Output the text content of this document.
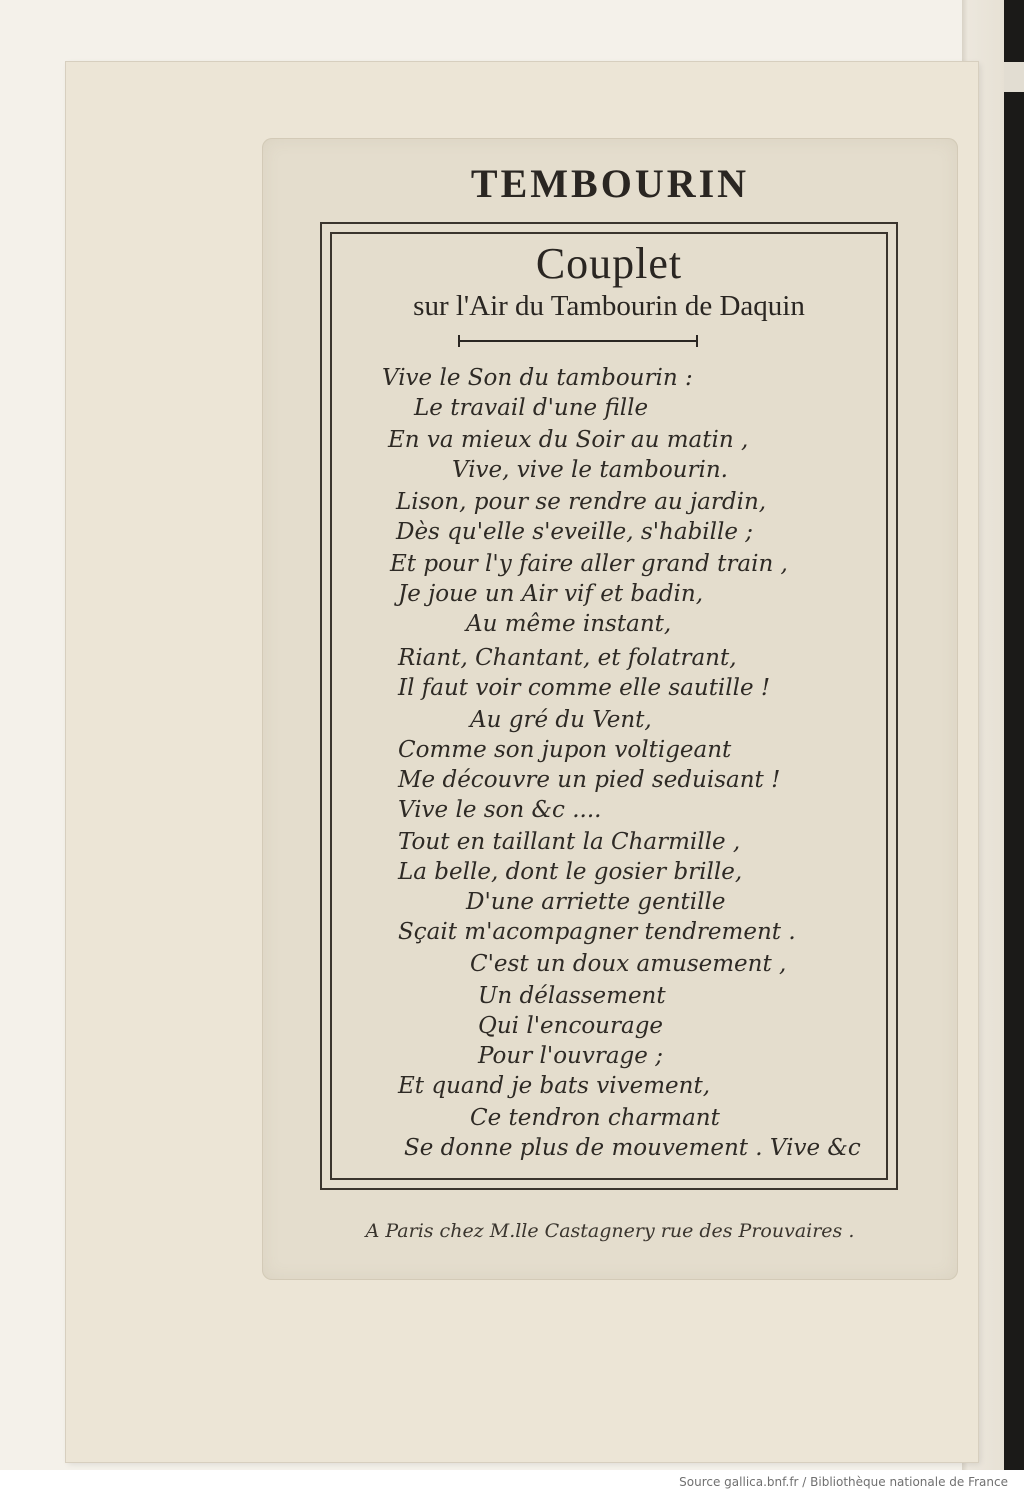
TEMBOURIN
Couplet
sur l'Air du Tambourin de Daquin
Vive le Son du tambourin :
Le travail d'une fille
En va mieux du Soir au matin ,
Vive, vive le tambourin.
Lison, pour se rendre au jardin,
Dès qu'elle s'eveille, s'habille ;
Et pour l'y faire aller grand train ,
Je joue un Air vif et badin,
Au même instant,
Riant, Chantant, et folatrant,
Il faut voir comme elle sautille !
Au gré du Vent,
Comme son jupon voltigeant
Me découvre un pied seduisant !
Vive le son &c ....
Tout en taillant la Charmille ,
La belle, dont le gosier brille,
D'une arriette gentille
Sçait m'acompagner tendrement .
C'est un doux amusement ,
Un délassement
Qui l'encourage
Pour l'ouvrage ;
Et quand je bats vivement,
Ce tendron charmant
Se donne plus de mouvement . Vive &c
A Paris chez M.lle Castagnery rue des Prouvaires .
Source gallica.bnf.fr / Bibliothèque nationale de France
